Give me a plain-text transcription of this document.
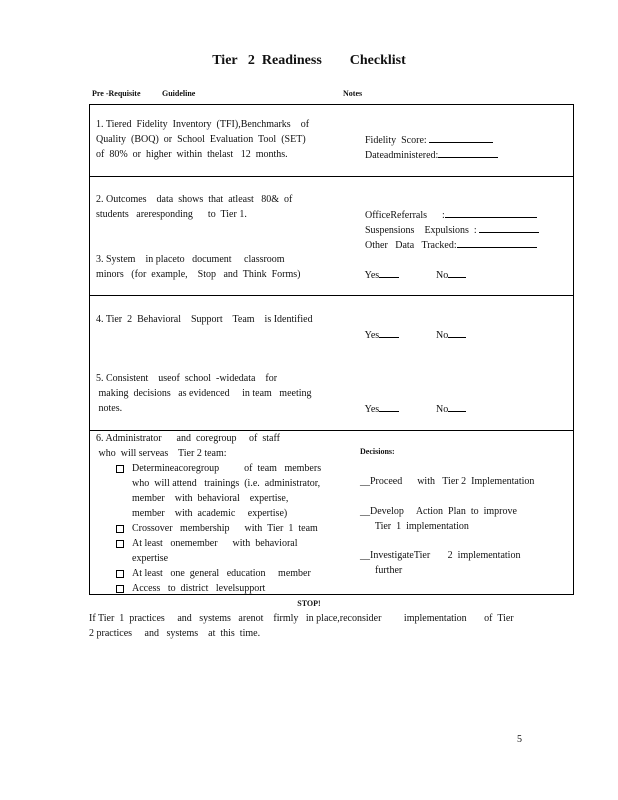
Tier   2  Readiness        Checklist
Pre -Requisite	Guideline	Notes
1. Tiered  Fidelity  Inventory  (TFI),Benchmarks    of
Quality  (BOQ)  or  School  Evaluation  Tool  (SET)
of  80%  or  higher  within  thelast   12  months.

Fidelity  Score:

Dateadministered:

2. Outcomes    data  shows  that  atleast   80&  of
students   areresponding      to  Tier 1.	OfficeReferrals      :

Suspensions    Expulsions  :

Other   Data   Tracked:

3. System    in placeto   document     classroom
minors   (for  example,    Stop   and  Think  Forms)	Yes	No

4. Tier  2  Behavioral    Support    Team    is Identified

Yes	No

5. Consistent    useof  school  -widedata    for
making  decisions   as evidenced     in team   meeting
notes.	Yes	No

6. Administrator      and  coregroup     of  staff
who  will serveas    Tier 2 team:
Determineacoregroup          of  team   members
who  will attend   trainings  (i.e.  administrator,
member    with  behavioral    expertise,
member    with  academic     expertise)
Crossover   membership      with  Tier  1  team
At least   onemember      with  behavioral
expertise
At least   one  general   education     member
Access   to  district   levelsupport
Decisions:
__Proceed      with   Tier 2  Implementation
__Develop     Action  Plan  to  improve
Tier  1  implementation
__InvestigateTier       2  implementation
further
STOP!
If Tier  1  practices     and   systems   arenot    firmly   in place,reconsider         implementation       of  Tier
2 practices     and   systems    at  this  time.
5
